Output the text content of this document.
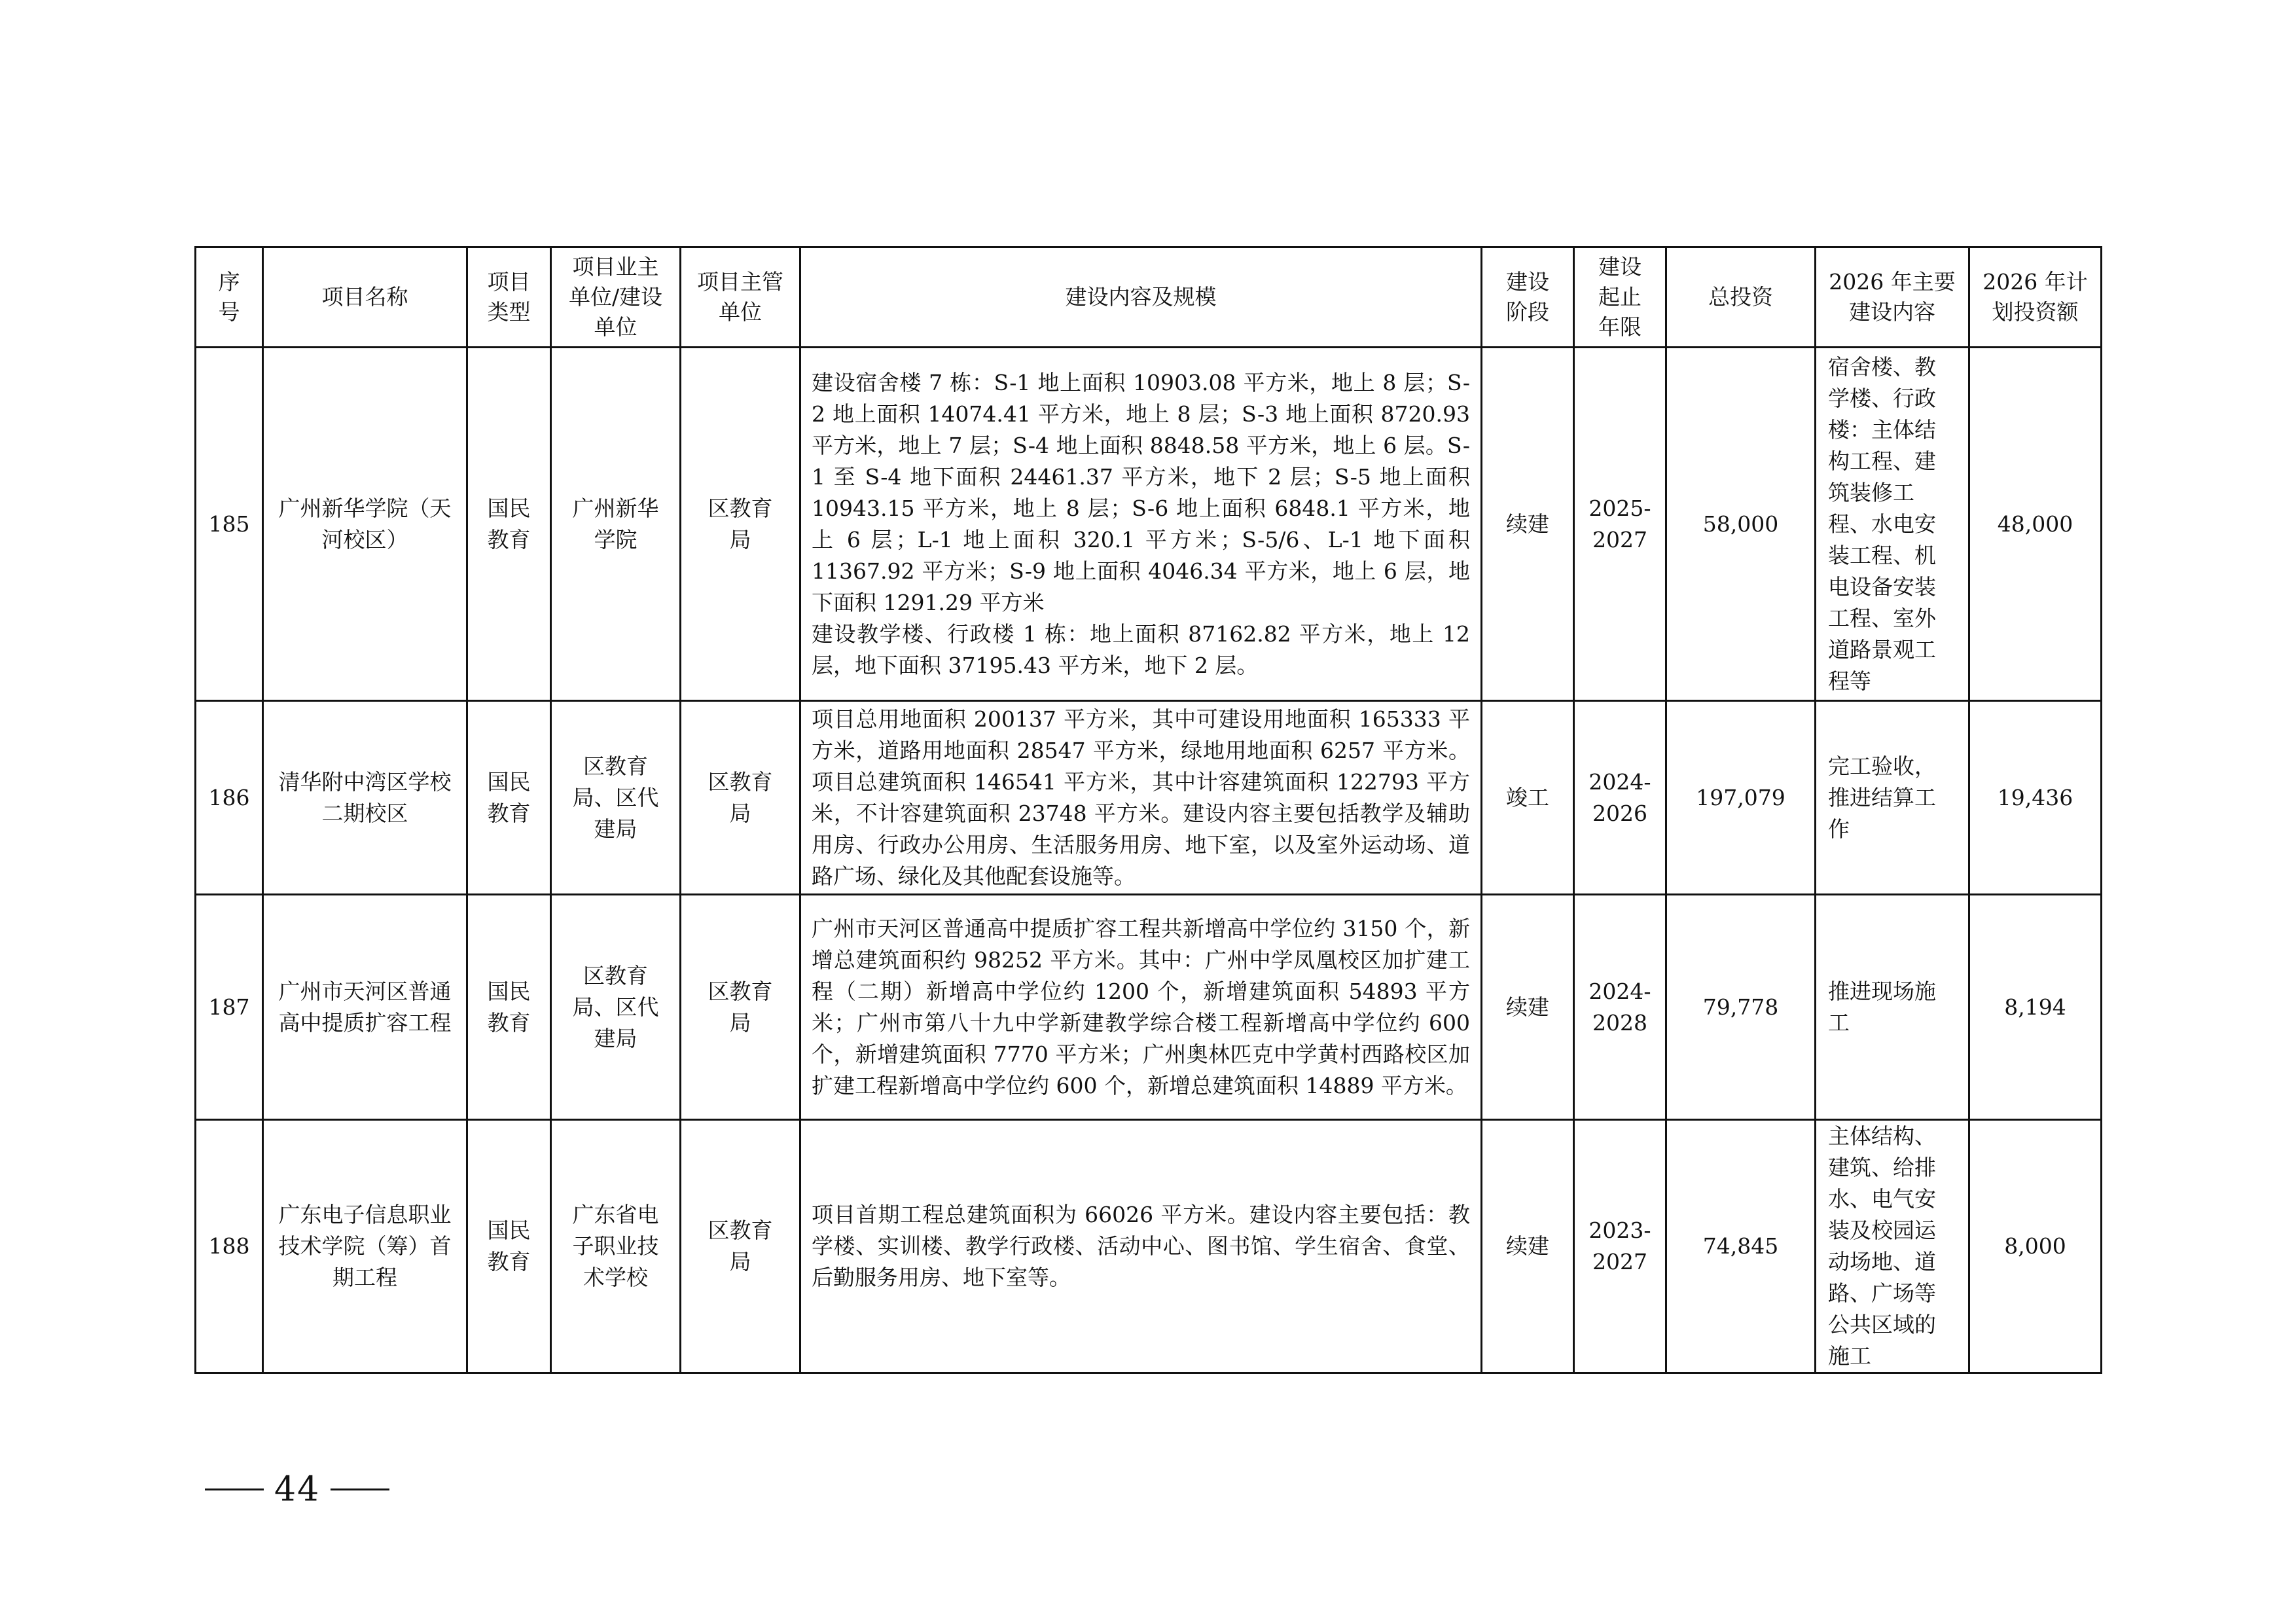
序号	项目名称	项目类型	项目业主单位/建设单位	项目主管单位	建设内容及规模	建设阶段	建设起止年限	总投资	2026 年主要建设内容	2026 年计划投资额
185	广州新华学院（天河校区）	国民教育	广州新华学院	区教育局	建设宿舍楼 7 栋：S-1 地上面积 10903.08 平方米，地上 8 层；S-2 地上面积 14074.41 平方米，地上 8 层；S-3 地上面积 8720.93 平方米，地上 7 层；S-4 地上面积 8848.58 平方米，地上 6 层。S-1 至 S-4 地下面积 24461.37 平方米，地下 2 层；S-5 地上面积 10943.15 平方米，地上 8 层；S-6 地上面积 6848.1 平方米，地上 6 层；L-1 地上面积 320.1 平方米；S-5/6、L-1 地下面积 11367.92 平方米；S-9 地上面积 4046.34 平方米，地上 6 层，地下面积 1291.29 平方米
建设教学楼、行政楼 1 栋：地上面积 87162.82 平方米，地上 12 层，地下面积 37195.43 平方米，地下 2 层。	续建	2025-2027	58,000	宿舍楼、教学楼、行政楼：主体结构工程、建筑装修工程、水电安装工程、机电设备安装工程、室外道路景观工程等	48,000
186	清华附中湾区学校二期校区	国民教育	区教育局、区代建局	区教育局	项目总用地面积 200137 平方米，其中可建设用地面积 165333 平方米，道路用地面积 28547 平方米，绿地用地面积 6257 平方米。项目总建筑面积 146541 平方米，其中计容建筑面积 122793 平方米，不计容建筑面积 23748 平方米。建设内容主要包括教学及辅助用房、行政办公用房、生活服务用房、地下室，以及室外运动场、道路广场、绿化及其他配套设施等。	竣工	2024-2026	197,079	完工验收，推进结算工作	19,436
187	广州市天河区普通高中提质扩容工程	国民教育	区教育局、区代建局	区教育局	广州市天河区普通高中提质扩容工程共新增高中学位约 3150 个，新增总建筑面积约 98252 平方米。其中：广州中学凤凰校区加扩建工程（二期）新增高中学位约 1200 个，新增建筑面积 54893 平方米；广州市第八十九中学新建教学综合楼工程新增高中学位约 600 个，新增建筑面积 7770 平方米；广州奥林匹克中学黄村西路校区加扩建工程新增高中学位约 600 个，新增总建筑面积 14889 平方米。	续建	2024-2028	79,778	推进现场施工	8,194
188	广东电子信息职业技术学院（筹）首期工程	国民教育	广东省电子职业技术学校	区教育局	项目首期工程总建筑面积为 66026 平方米。建设内容主要包括：教学楼、实训楼、教学行政楼、活动中心、图书馆、学生宿舍、食堂、后勤服务用房、地下室等。	续建	2023-2027	74,845	主体结构、建筑、给排水、电气安装及校园运动场地、道路、广场等公共区域的施工	8,000
44
